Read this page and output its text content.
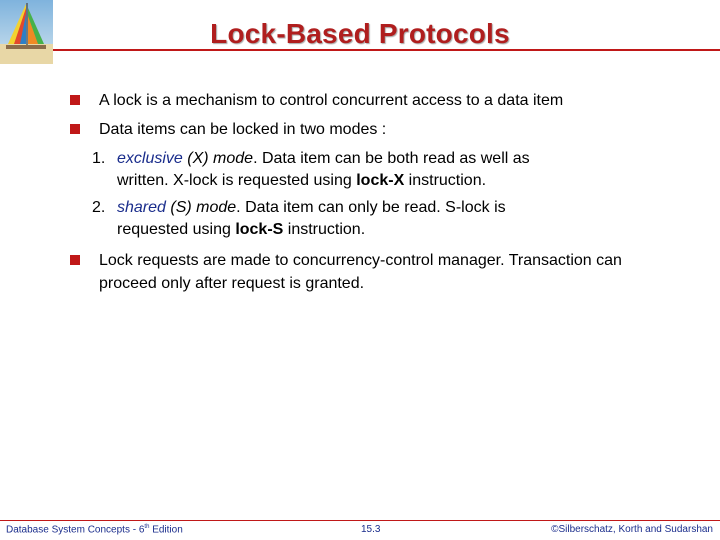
Lock-Based Protocols
A lock is a mechanism to control concurrent access to a data item
Data items can be locked in two modes :
1. exclusive (X) mode. Data item can be both read as well as
written. X-lock is requested using lock-X instruction.
2. shared (S) mode. Data item can only be read. S-lock is
requested using lock-S instruction.
Lock requests are made to concurrency-control manager. Transaction can
proceed only after request is granted.
Database System Concepts - 6th Edition	15.3	©Silberschatz, Korth and Sudarshan
